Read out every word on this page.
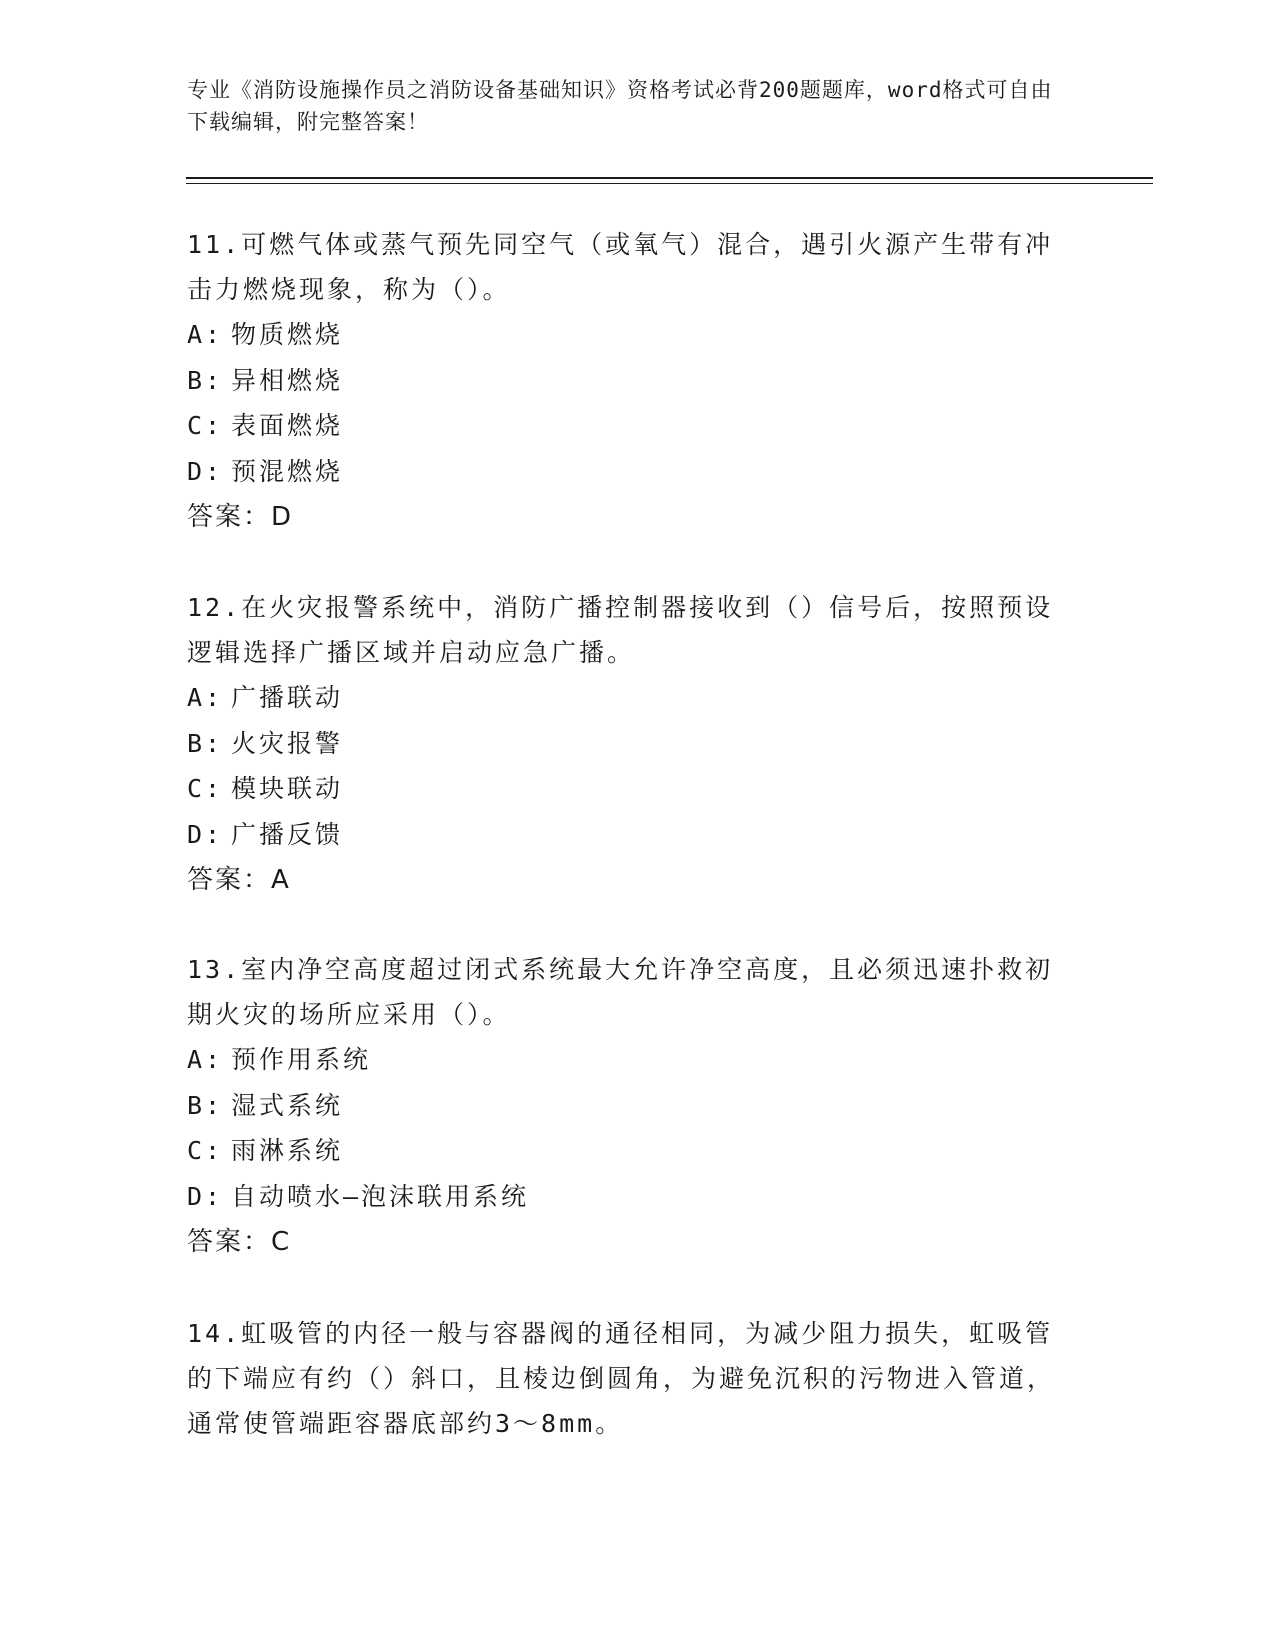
专业《消防设施操作员之消防设备基础知识》资格考试必背200题题库，word格式可自由下载编辑，附完整答案！

11.可燃气体或蒸气预先同空气（或氧气）混合，遇引火源产生带有冲击力燃烧现象，称为（）。

A: 物质燃烧

B: 异相燃烧

C: 表面燃烧

D: 预混燃烧

答案：D

12.在火灾报警系统中，消防广播控制器接收到（）信号后，按照预设逻辑选择广播区域并启动应急广播。

A: 广播联动

B: 火灾报警

C: 模块联动

D: 广播反馈

答案：A

13.室内净空高度超过闭式系统最大允许净空高度，且必须迅速扑救初期火灾的场所应采用（）。

A: 预作用系统

B: 湿式系统

C: 雨淋系统

D: 自动喷水—泡沫联用系统

答案：C

14.虹吸管的内径一般与容器阀的通径相同，为减少阻力损失，虹吸管的下端应有约（）斜口，且棱边倒圆角，为避免沉积的污物进入管道，通常使管端距容器底部约3～8mm。
